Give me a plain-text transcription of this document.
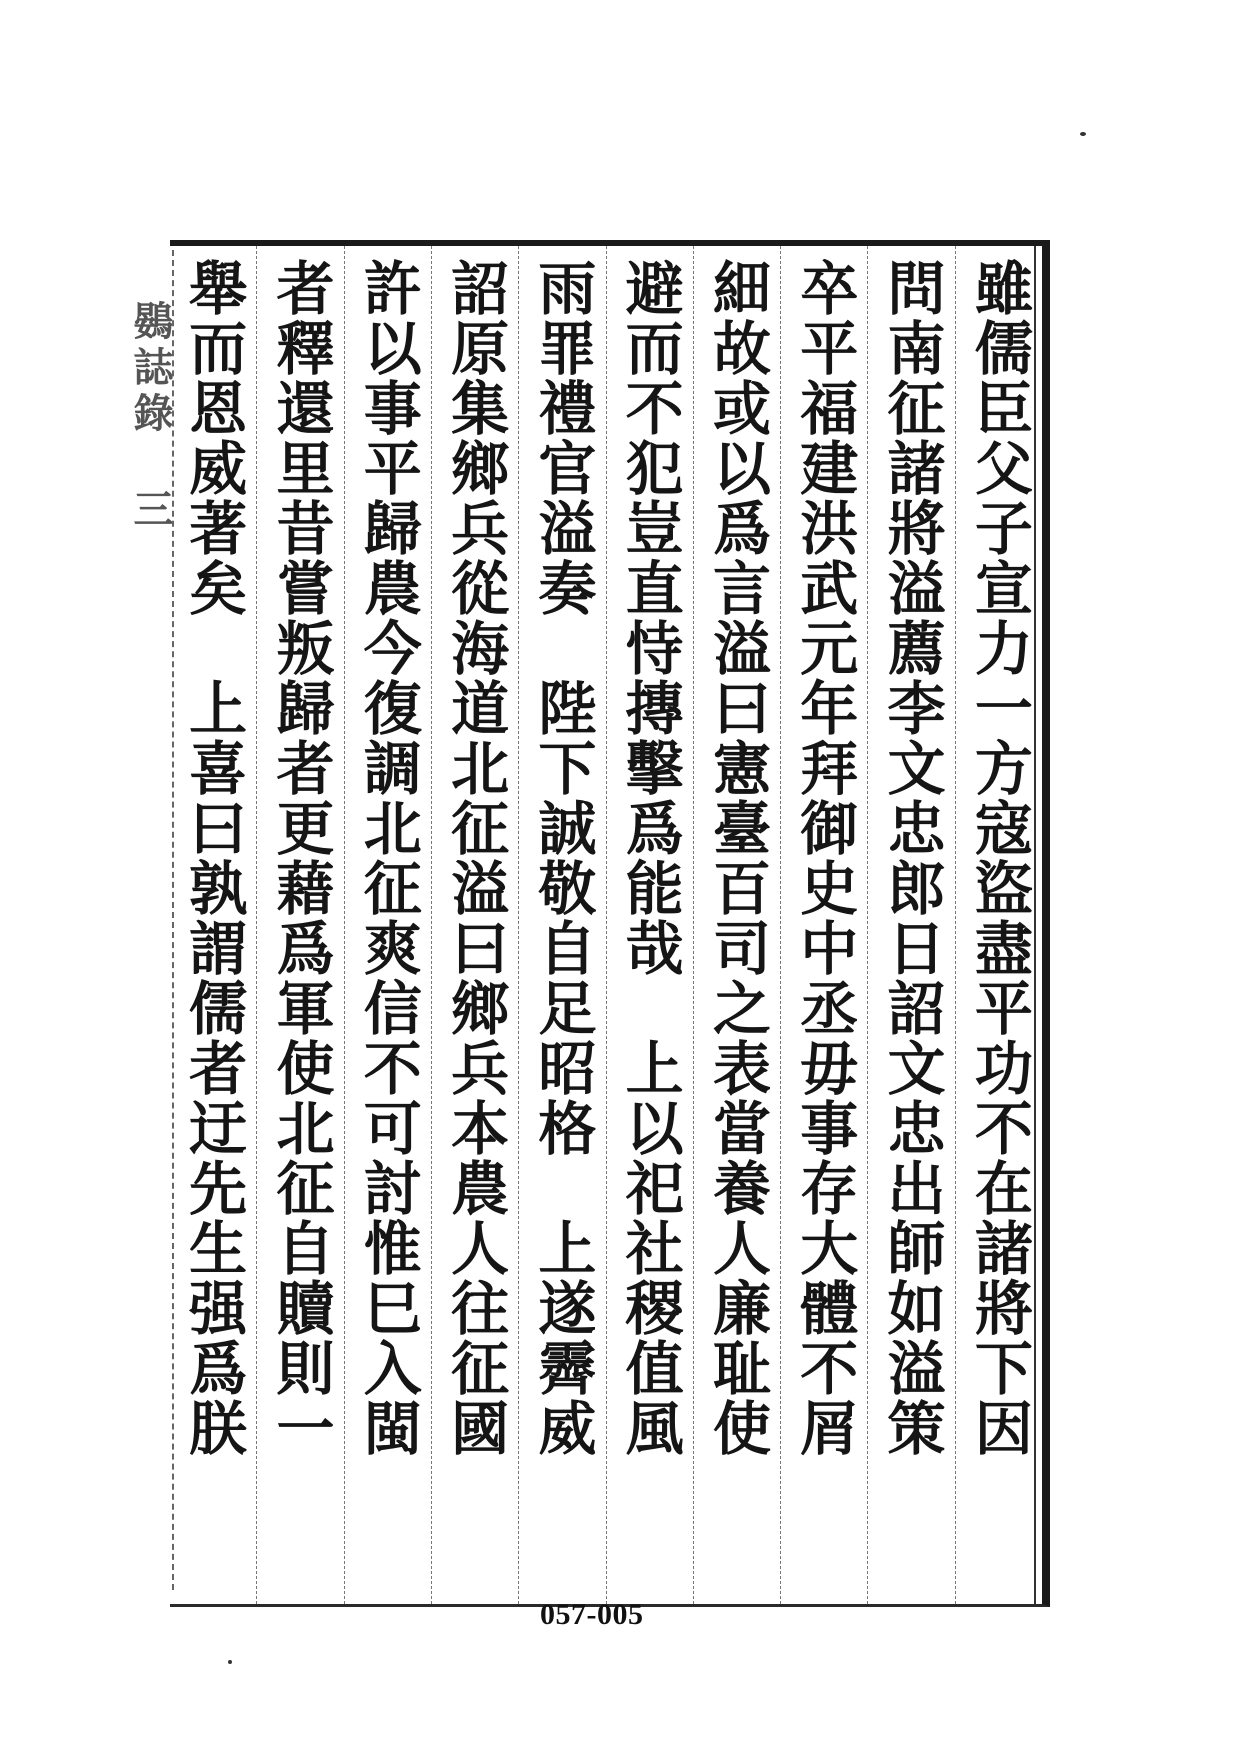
鷃誌錄三	雖儒臣父子宣力一方寇盜盡平功不在諸將下因
問南征諸將溢薦李文忠郎日詔文忠出師如溢策
卒平福建洪武元年拜御史中丞毋事存大體不屑
細故或以爲言溢曰憲臺百司之表當養人廉耻使
避而不犯豈直恃摶擊爲能哉　上以祀社稷值風
雨罪禮官溢奏　陛下誠敬自足昭格　上遂霽威
詔原集鄉兵從海道北征溢曰鄉兵本農人往征國
許以事平歸農今復調北征爽信不可討惟巳入閩
者釋還里昔嘗叛歸者更藉爲軍使北征自贖則一
舉而恩威著矣　上喜曰孰謂儒者迂先生强爲朕
057-005
